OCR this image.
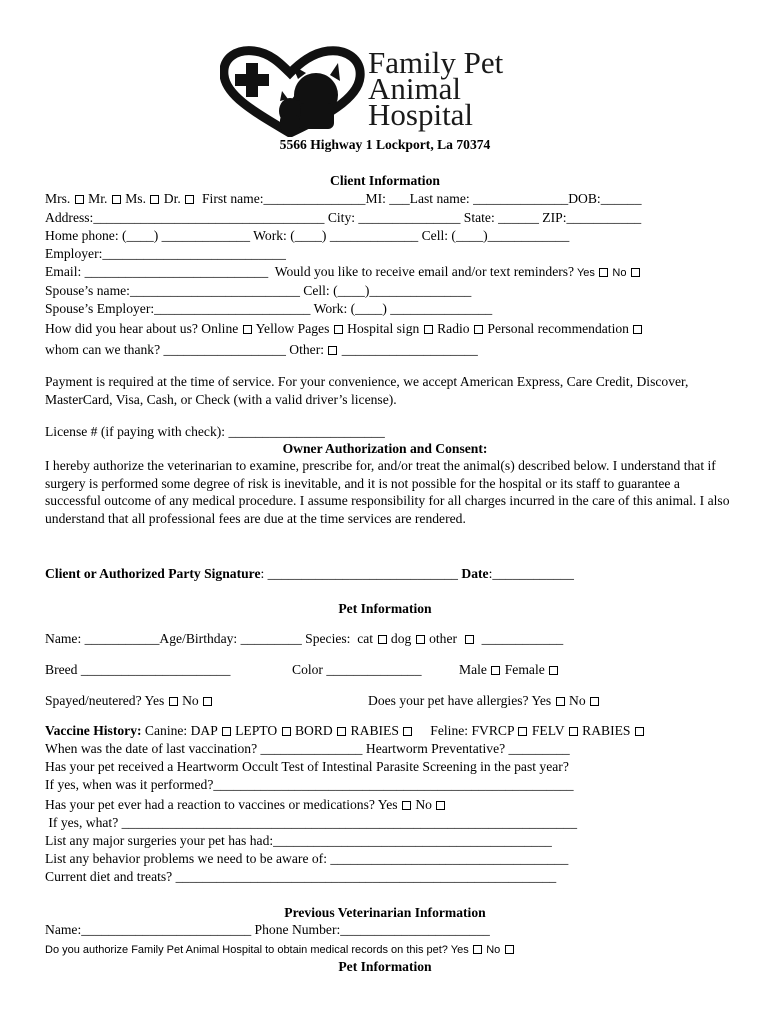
Family Pet
Animal
Hospital
5566 Highway 1 Lockport, La 70374
Client Information
Mrs.  Mr.  Ms.  Dr.   First name:_______________MI: ___Last name: ______________DOB:______
Address:__________________________________ City: _______________ State: ______ ZIP:___________
Home phone: (____) _____________ Work: (____) _____________ Cell: (____)____________
Employer:___________________________
Email: ___________________________  Would you like to receive email and/or text reminders? Yes  No
Spouse’s name:_________________________ Cell: (____)_______________
Spouse’s Employer:_______________________ Work: (____) _______________
How did you hear about us? Online  Yellow Pages  Hospital sign  Radio  Personal recommendation
whom can we thank? __________________ Other:  ____________________
Payment is required at the time of service. For your convenience, we accept American Express, Care Credit, Discover, MasterCard, Visa, Cash, or Check (with a valid driver’s license).
License # (if paying with check): _______________________
Owner Authorization and Consent:
I hereby authorize the veterinarian to examine, prescribe for, and/or treat the animal(s) described below. I understand that if surgery is performed some degree of risk is inevitable, and it is not possible for the hospital or its staff to guarantee a successful outcome of any medical procedure. I assume responsibility for all charges incurred in the care of this animal. I also understand that all professional fees are due at the time services are rendered.
Client or Authorized Party Signature: ____________________________ Date:____________
Pet Information
Name: ___________Age/Birthday: _________ Species:  cat  dog  other    ____________
Breed ______________________	Color ______________	Male  Female
Spayed/neutered? Yes  No	Does your pet have allergies? Yes  No
Vaccine History: Canine: DAP  LEPTO  BORD  RABIES      Feline: FVRCP  FELV  RABIES
When was the date of last vaccination? _______________ Heartworm Preventative? _________
Has your pet received a Heartworm Occult Test of Intestinal Parasite Screening in the past year?
If yes, when was it performed?_____________________________________________________
Has your pet ever had a reaction to vaccines or medications? Yes  No
If yes, what? ___________________________________________________________________
List any major surgeries your pet has had:_________________________________________
List any behavior problems we need to be aware of: ___________________________________
Current diet and treats? ________________________________________________________
Previous Veterinarian Information
Name:_________________________ Phone Number:______________________
Do you authorize Family Pet Animal Hospital to obtain medical records on this pet? Yes  No
Pet Information
